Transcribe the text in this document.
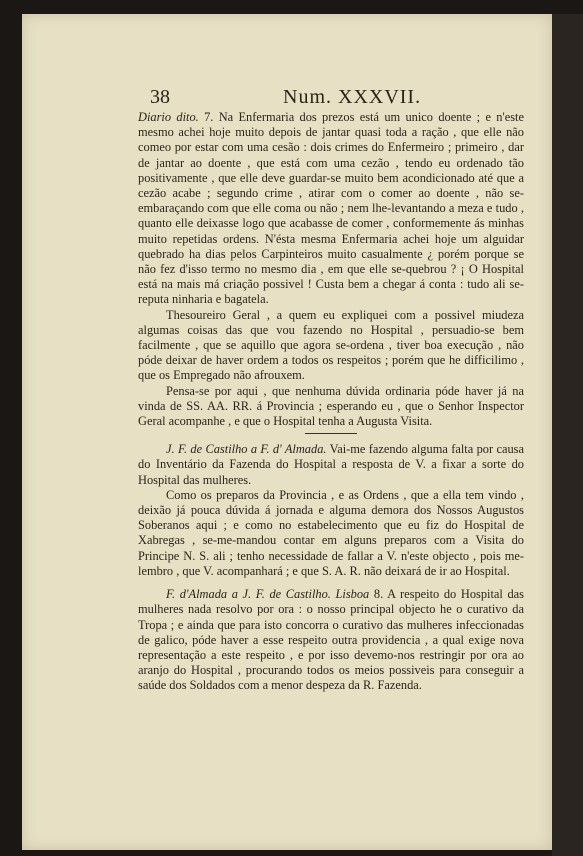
38	Num. XXXVII.

Diario dito. 7. Na Enfermaria dos prezos está um unico doente ; e n'este mesmo achei hoje muito depois de jantar quasi toda a ração , que elle não comeo por estar com uma cesão : dois crimes do Enfermeiro ; primeiro , dar de jantar ao doente , que está com uma cezão , tendo eu ordenado tão positivamente , que elle deve guardar-se muito bem acondicionado até que a cezão acabe ; segundo crime , atirar com o comer ao doente , não se-embaraçando com que elle coma ou não ; nem lhe-levantando a meza e tudo , quanto elle deixasse logo que acabasse de comer , conformemente ás minhas muito repetidas ordens. N'ésta mesma Enfermaria achei hoje um alguidar quebrado ha dias pelos Carpinteiros muito casualmente ¿ porém porque se não fez d'isso termo no mesmo dia , em que elle se-quebrou ? ¡ O Hospital está na mais má criação possivel ! Custa bem a chegar á conta : tudo ali se-reputa ninharia e bagatela.

Thesoureiro Geral , a quem eu expliquei com a possivel miudeza algumas coisas das que vou fazendo no Hospital , persuadio-se bem facilmente , que se aquillo que agora se-ordena , tiver boa execução , não póde deixar de haver ordem a todos os respeitos ; porém que he difficilimo , que os Empregado não afrouxem.

Pensa-se por aqui , que nenhuma dúvida ordinaria póde haver já na vinda de SS. AA. RR. á Provincia ; esperando eu , que o Senhor Inspector Geral acompanhe , e que o Hospital tenha a Augusta Visita.

J. F. de Castilho a F. d' Almada. Vai-me fazendo alguma falta por causa do Inventário da Fazenda do Hospital a resposta de V. a fixar a sorte do Hospital das mulheres.

Como os preparos da Provincia , e as Ordens , que a ella tem vindo , deixão já pouca dúvida á jornada e alguma demora dos Nossos Augustos Soberanos aqui ; e como no estabelecimento que eu fiz do Hospital de Xabregas , se-me-mandou contar em alguns preparos com a Visita do Principe N. S. ali ; tenho necessidade de fallar a V. n'este objecto , pois me-lembro , que V. acompanhará ; e que S. A. R. não deixará de ir ao Hospital.

F. d'Almada a J. F. de Castilho. Lisboa 8. A respeito do Hospital das mulheres nada resolvo por ora : o nosso principal objecto he o curativo da Tropa ; e ainda que para isto concorra o curativo das mulheres infeccionadas de galico, póde haver a esse respeito outra providencia , a qual exige nova representação a este respeito , e por isso devemo-nos restringir por ora ao aranjo do Hospital , procurando todos os meios possiveis para conseguir a saúde dos Soldados com a menor despeza da R. Fazenda.
